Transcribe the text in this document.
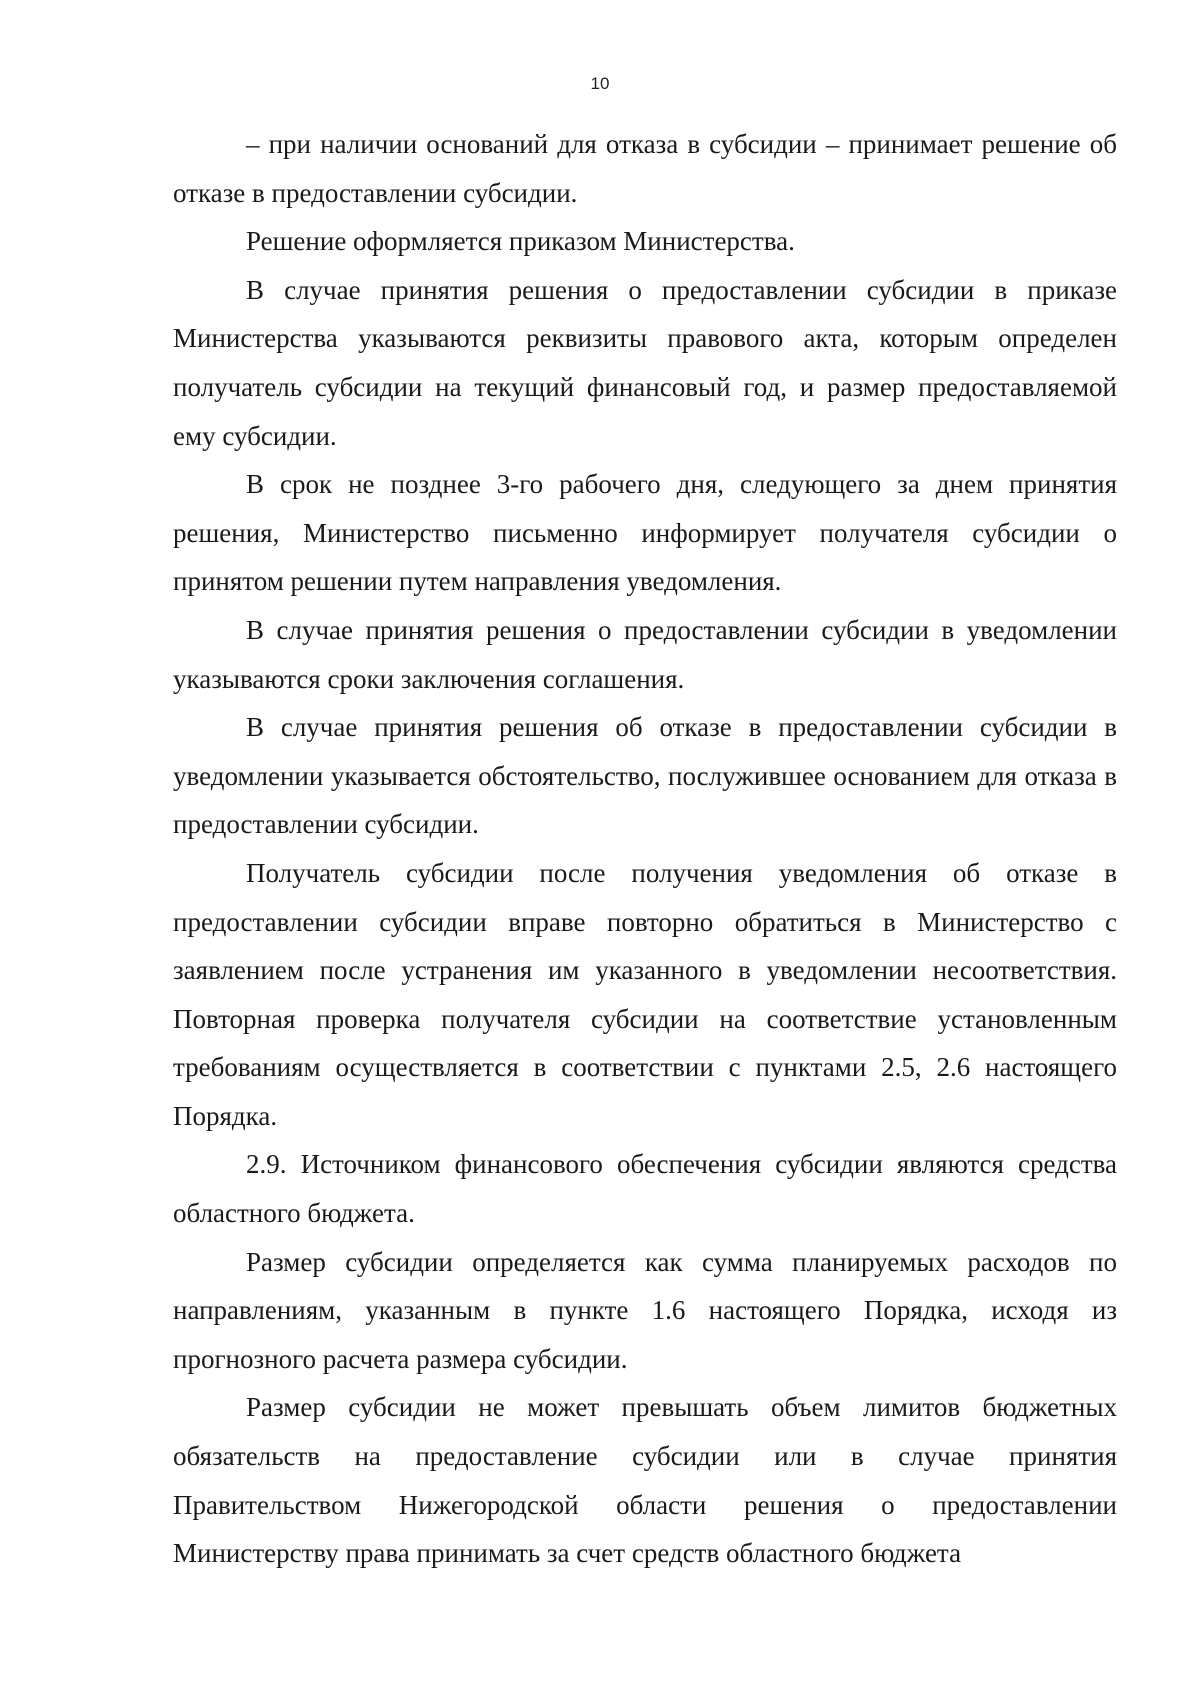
10

– при наличии оснований для отказа в субсидии – принимает решение об отказе в предоставлении субсидии.

Решение оформляется приказом Министерства.

В случае принятия решения о предоставлении субсидии в приказе Министерства указываются реквизиты правового акта, которым определен получатель субсидии на текущий финансовый год, и размер предоставляемой ему субсидии.

В срок не позднее 3-го рабочего дня, следующего за днем принятия решения, Министерство письменно информирует получателя субсидии о принятом решении путем направления уведомления.

В случае принятия решения о предоставлении субсидии в уведомлении указываются сроки заключения соглашения.

В случае принятия решения об отказе в предоставлении субсидии в уведомлении указывается обстоятельство, послужившее основанием для отказа в предоставлении субсидии.

Получатель субсидии после получения уведомления об отказе в предоставлении субсидии вправе повторно обратиться в Министерство с заявлением после устранения им указанного в уведомлении несоответствия. Повторная проверка получателя субсидии на соответствие установленным требованиям осуществляется в соответствии с пунктами 2.5, 2.6 настоящего Порядка.

2.9. Источником финансового обеспечения субсидии являются средства областного бюджета.

Размер субсидии определяется как сумма планируемых расходов по направлениям, указанным в пункте 1.6 настоящего Порядка, исходя из прогнозного расчета размера субсидии.

Размер субсидии не может превышать объем лимитов бюджетных обязательств на предоставление субсидии или в случае принятия Правительством Нижегородской области решения о предоставлении Министерству права принимать за счет средств областного бюджета
